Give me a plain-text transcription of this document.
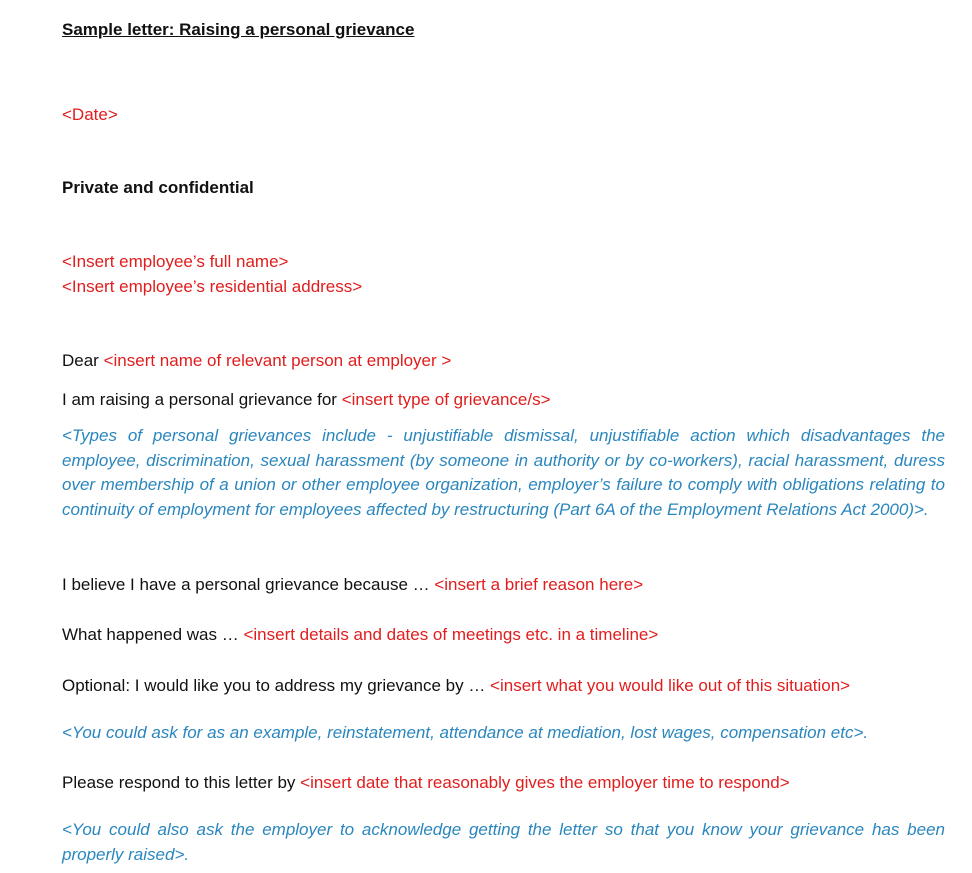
Sample letter: Raising a personal grievance
<Date>
Private and confidential
<Insert employee’s full name>
<Insert employee’s residential address>
Dear <insert name of relevant person at employer >
I am raising a personal grievance for <insert type of grievance/s>
<Types of personal grievances include - unjustifiable dismissal, unjustifiable action which disadvantages the employee, discrimination, sexual harassment (by someone in authority or by co-workers), racial harassment, duress over membership of a union or other employee organization, employer’s failure to comply with obligations relating to continuity of employment for employees affected by restructuring (Part 6A of the Employment Relations Act 2000)>.
I believe I have a personal grievance because … <insert a brief reason here>
What happened was … <insert details and dates of meetings etc. in a timeline>
Optional: I would like you to address my grievance by … <insert what you would like out of this situation>
<You could ask for as an example, reinstatement, attendance at mediation, lost wages, compensation etc>.
Please respond to this letter by <insert date that reasonably gives the employer time to respond>
<You could also ask the employer to acknowledge getting the letter so that you know your grievance has been properly raised>.
